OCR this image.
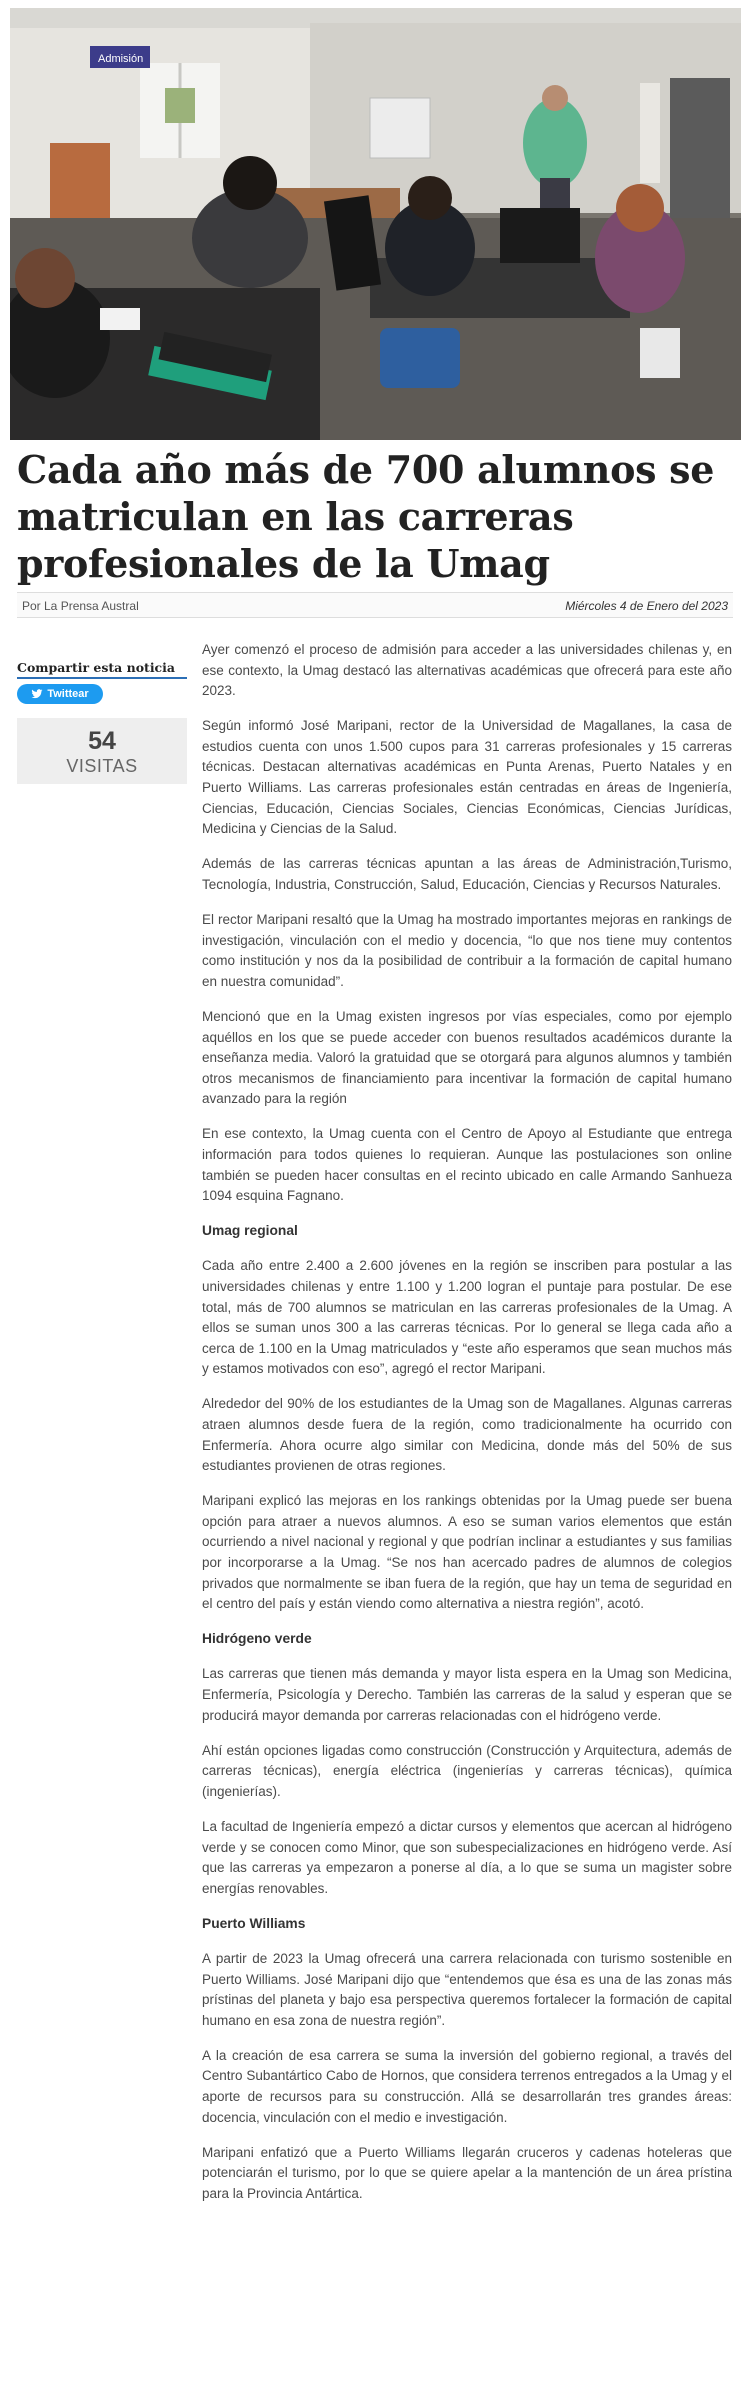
Admisión
Cada año más de 700 alumnos se matriculan en las carreras profesionales de la Umag
Por La Prensa Austral	Miércoles 4 de Enero del 2023
Compartir esta noticia
Twittear
54
VISITAS

Ayer comenzó el proceso de admisión para acceder a las universidades chilenas y, en ese contexto, la Umag destacó las alternativas académicas que ofrecerá para este año 2023.

Según informó José Maripani, rector de la Universidad de Magallanes, la casa de estudios cuenta con unos 1.500 cupos para 31 carreras profesionales y 15 carreras técnicas. Destacan alternativas académicas en Punta Arenas, Puerto Natales y en Puerto Williams. Las carreras profesionales están centradas en áreas de Ingeniería, Ciencias, Educación, Ciencias Sociales, Ciencias Económicas, Ciencias Jurídicas, Medicina y Ciencias de la Salud.

Además de las carreras técnicas apuntan a las áreas de Administración,Turismo, Tecnología, Industria, Construcción, Salud, Educación, Ciencias y Recursos Naturales.

El rector Maripani resaltó que la Umag ha mostrado importantes mejoras en rankings de investigación, vinculación con el medio y docencia, “lo que nos tiene muy contentos como institución y nos da la posibilidad de contribuir a la formación de capital humano en nuestra comunidad”.

Mencionó que en la Umag existen ingresos por vías especiales, como por ejemplo aquéllos en los que se puede acceder con buenos resultados académicos durante la enseñanza media. Valoró la gratuidad que se otorgará para algunos alumnos y también otros mecanismos de financiamiento para incentivar la formación de capital humano avanzado para la región

En ese contexto, la Umag cuenta con el Centro de Apoyo al Estudiante que entrega información para todos quienes lo requieran. Aunque las postulaciones son online también se pueden hacer consultas en el recinto ubicado en calle Armando Sanhueza 1094 esquina Fagnano.

Umag regional

Cada año entre 2.400 a 2.600 jóvenes en la región se inscriben para postular a las universidades chilenas y entre 1.100 y 1.200 logran el puntaje para postular. De ese total, más de 700 alumnos se matriculan en las carreras profesionales de la Umag. A ellos se suman unos 300 a las carreras técnicas. Por lo general se llega cada año a cerca de 1.100 en la Umag matriculados y “este año esperamos que sean muchos más y estamos motivados con eso”, agregó el rector Maripani.

Alrededor del 90% de los estudiantes de la Umag son de Magallanes. Algunas carreras atraen alumnos desde fuera de la región, como tradicionalmente ha ocurrido con Enfermería. Ahora ocurre algo similar con Medicina, donde más del 50% de sus estudiantes provienen de otras regiones.

Maripani explicó las mejoras en los rankings obtenidas por la Umag puede ser buena opción para atraer a nuevos alumnos. A eso se suman varios elementos que están ocurriendo a nivel nacional y regional y que podrían inclinar a estudiantes y sus familias por incorporarse a la Umag. “Se nos han acercado padres de alumnos de colegios privados que normalmente se iban fuera de la región, que hay un tema de seguridad en el centro del país y están viendo como alternativa a niestra región”, acotó.

Hidrógeno verde

Las carreras que tienen más demanda y mayor lista espera en la Umag son Medicina, Enfermería, Psicología y Derecho. También las carreras de la salud y esperan que se producirá mayor demanda por carreras relacionadas con el hidrógeno verde.

Ahí están opciones ligadas como construcción (Construcción y Arquitectura, además de carreras técnicas), energía eléctrica (ingenierías y carreras técnicas), química (ingenierías).

La facultad de Ingeniería empezó a dictar cursos y elementos que acercan al hidrógeno verde y se conocen como Minor, que son subespecializaciones en hidrógeno verde. Así que las carreras ya empezaron a ponerse al día, a lo que se suma un magister sobre energías renovables.

Puerto Williams

A partir de 2023 la Umag ofrecerá una carrera relacionada con turismo sostenible en Puerto Williams. José Maripani dijo que “entendemos que ésa es una de las zonas más prístinas del planeta y bajo esa perspectiva queremos fortalecer la formación de capital humano en esa zona de nuestra región”.

A la creación de esa carrera se suma la inversión del gobierno regional, a través del Centro Subantártico Cabo de Hornos, que considera terrenos entregados a la Umag y el aporte de recursos para su construcción. Allá se desarrollarán tres grandes áreas: docencia, vinculación con el medio e investigación.

Maripani enfatizó que a Puerto Williams llegarán cruceros y cadenas hoteleras que potenciarán el turismo, por lo que se quiere apelar a la mantención de un área prístina para la Provincia Antártica.
